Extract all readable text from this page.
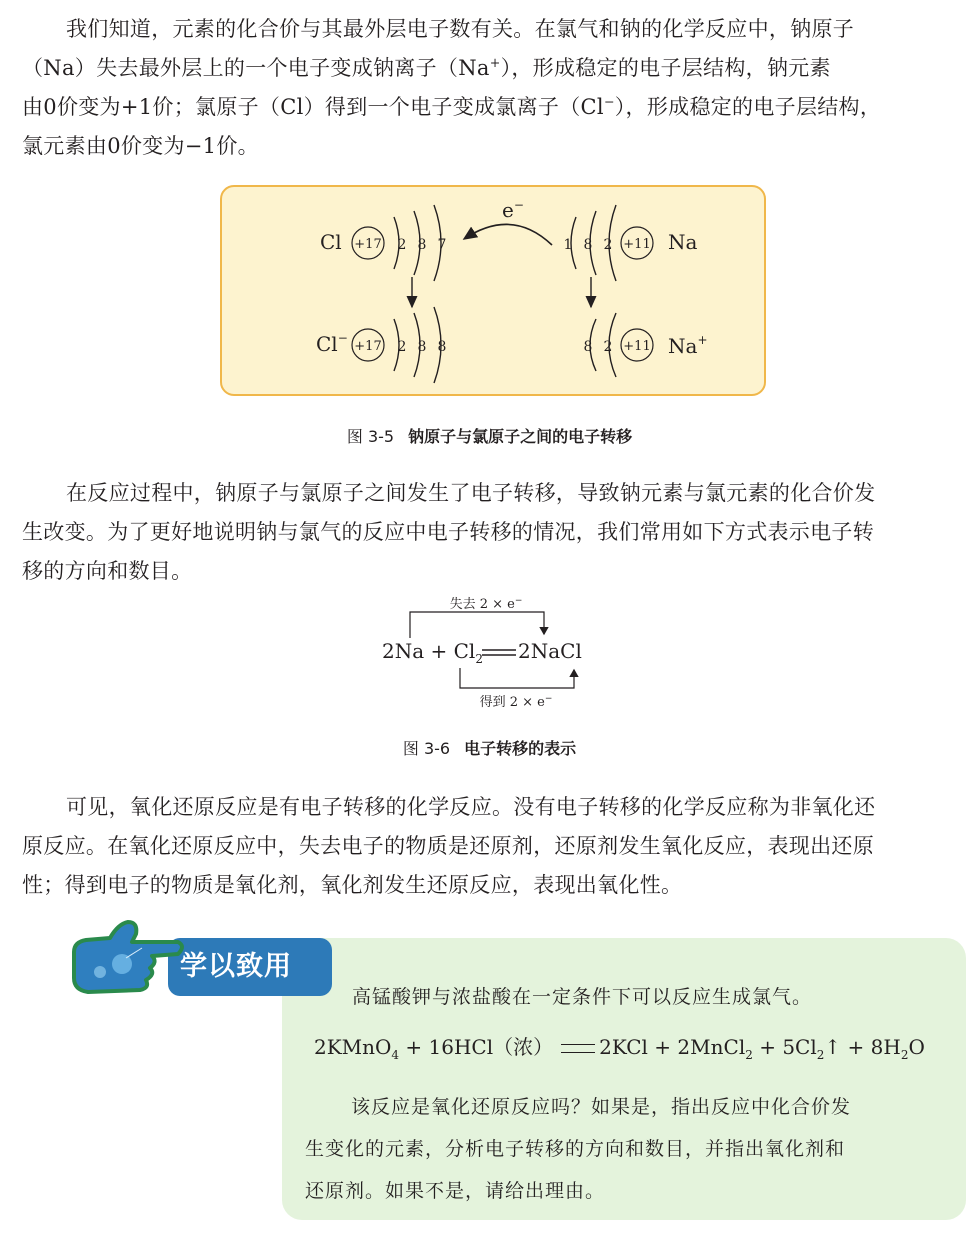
我们知道，元素的化合价与其最外层电子数有关。在氯气和钠的化学反应中，钠原子
（Na）失去最外层上的一个电子变成钠离子（Na+），形成稳定的电子层结构，钠元素
由0价变为+1价；氯原子（Cl）得到一个电子变成氯离子（Cl−），形成稳定的电子层结构，
氯元素由0价变为−1价。
e−
Cl +17 2 8 7	1 8 2 +11 Na
Cl−
+17 2 8 8	8 2 +11 Na+
图 3-5 钠原子与氯原子之间的电子转移
在反应过程中，钠原子与氯原子之间发生了电子转移，导致钠元素与氯元素的化合价发
生改变。为了更好地说明钠与氯气的反应中电子转移的情况，我们常用如下方式表示电子转
移的方向和数目。
失去 2 × e−
$2Na + Cl_2$ 2NaCl
得到 2 × e−
图 3-6 电子转移的表示
可见，氧化还原反应是有电子转移的化学反应。没有电子转移的化学反应称为非氧化还
原反应。在氧化还原反应中，失去电子的物质是还原剂，还原剂发生氧化反应，表现出还原
性；得到电子的物质是氧化剂，氧化剂发生还原反应，表现出氧化性。
学以致用
高锰酸钾与浓盐酸在一定条件下可以反应生成氯气。
2KMnO$_4$ + 16HCl（浓） 2KCl + 2MnCl$_2$ + $5Cl_2↑ + 8H_2O$
该反应是氧化还原反应吗？如果是，指出反应中化合价发
生变化的元素，分析电子转移的方向和数目，并指出氧化剂和
还原剂。如果不是，请给出理由。
